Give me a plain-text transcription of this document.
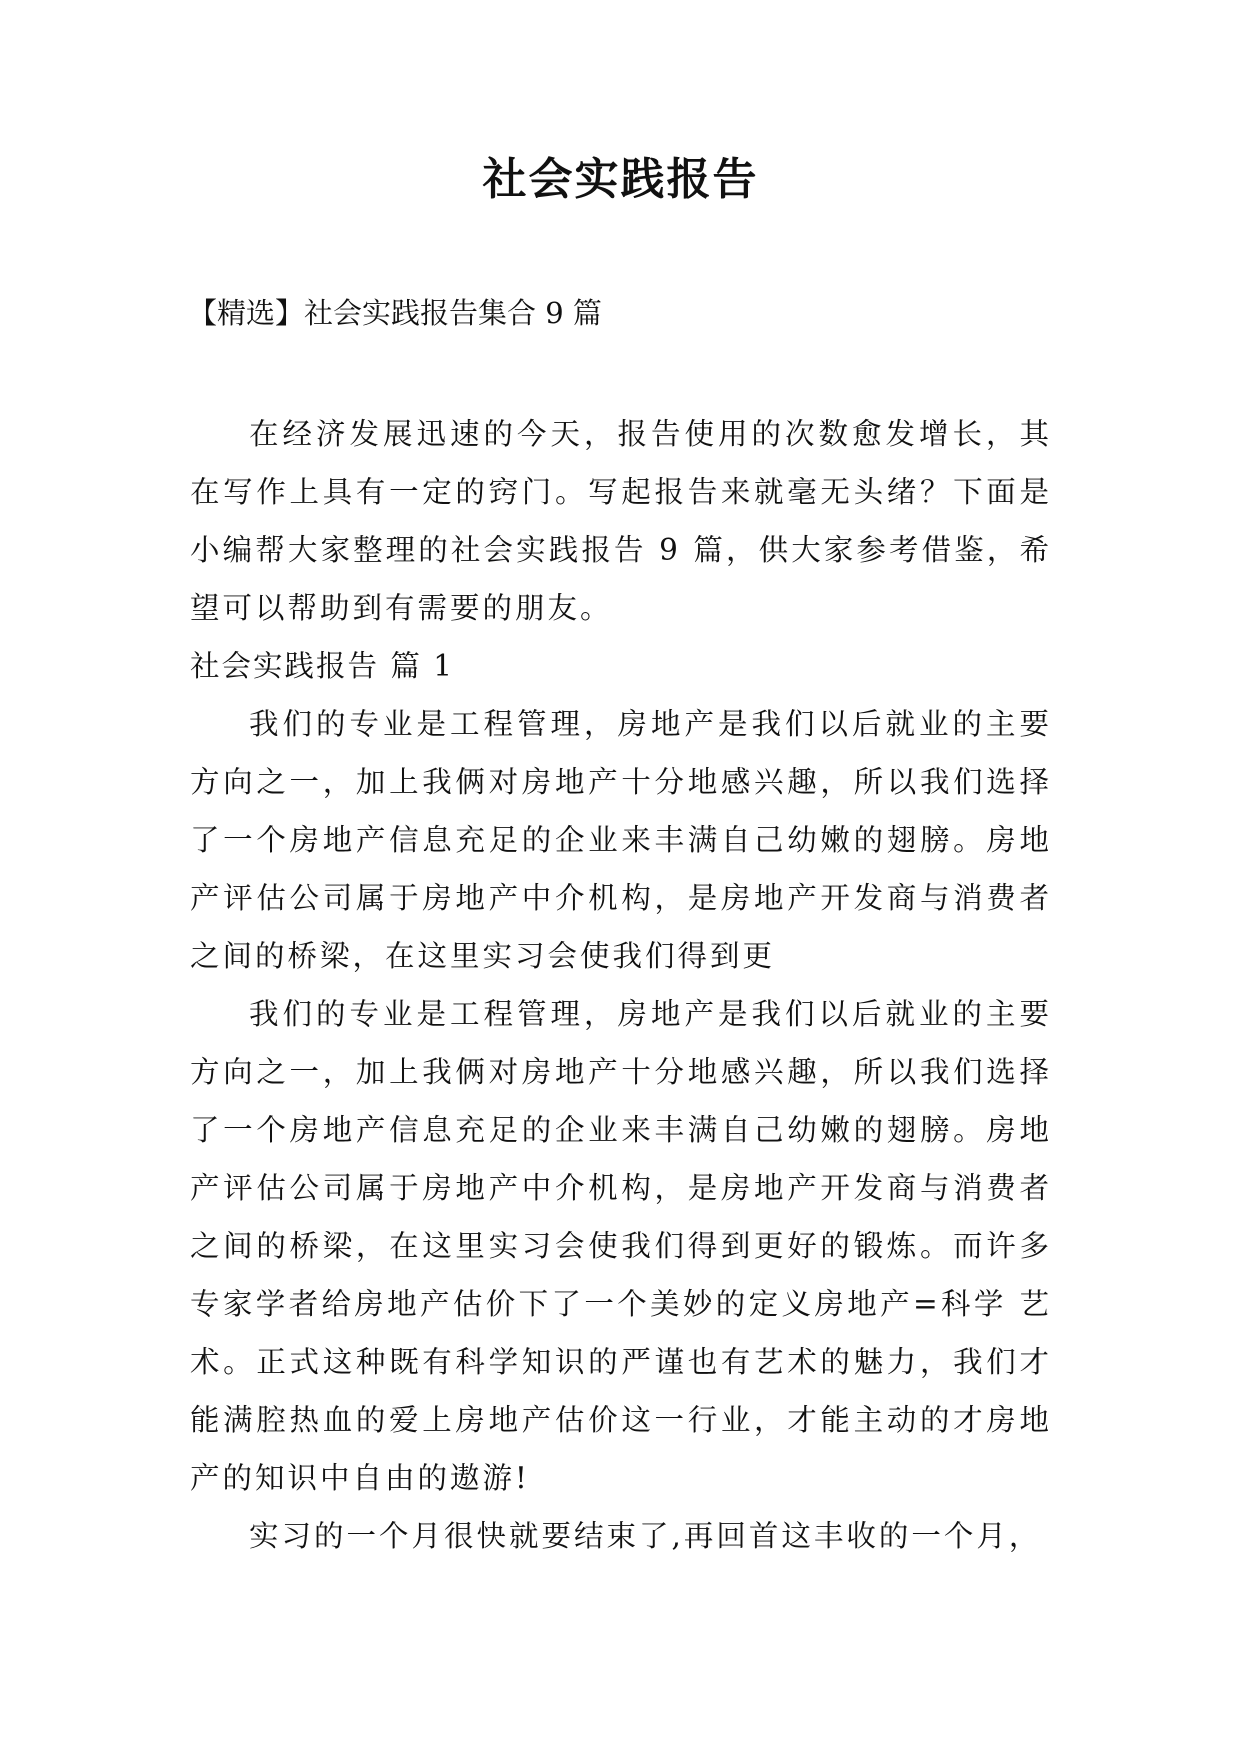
社会实践报告

【精选】社会实践报告集合 9 篇

在经济发展迅速的今天，报告使用的次数愈发增长，其在写作上具有一定的窍门。写起报告来就毫无头绪？下面是小编帮大家整理的社会实践报告 9 篇，供大家参考借鉴，希望可以帮助到有需要的朋友。

社会实践报告 篇 1

我们的专业是工程管理，房地产是我们以后就业的主要方向之一，加上我俩对房地产十分地感兴趣，所以我们选择了一个房地产信息充足的企业来丰满自己幼嫩的翅膀。房地产评估公司属于房地产中介机构，是房地产开发商与消费者之间的桥梁，在这里实习会使我们得到更

我们的专业是工程管理，房地产是我们以后就业的主要方向之一，加上我俩对房地产十分地感兴趣，所以我们选择了一个房地产信息充足的企业来丰满自己幼嫩的翅膀。房地产评估公司属于房地产中介机构，是房地产开发商与消费者之间的桥梁，在这里实习会使我们得到更好的锻炼。而许多专家学者给房地产估价下了一个美妙的定义房地产=科学 艺术。正式这种既有科学知识的严谨也有艺术的魅力，我们才能满腔热血的爱上房地产估价这一行业，才能主动的才房地产的知识中自由的遨游!

实习的一个月很快就要结束了,再回首这丰收的一个月，
